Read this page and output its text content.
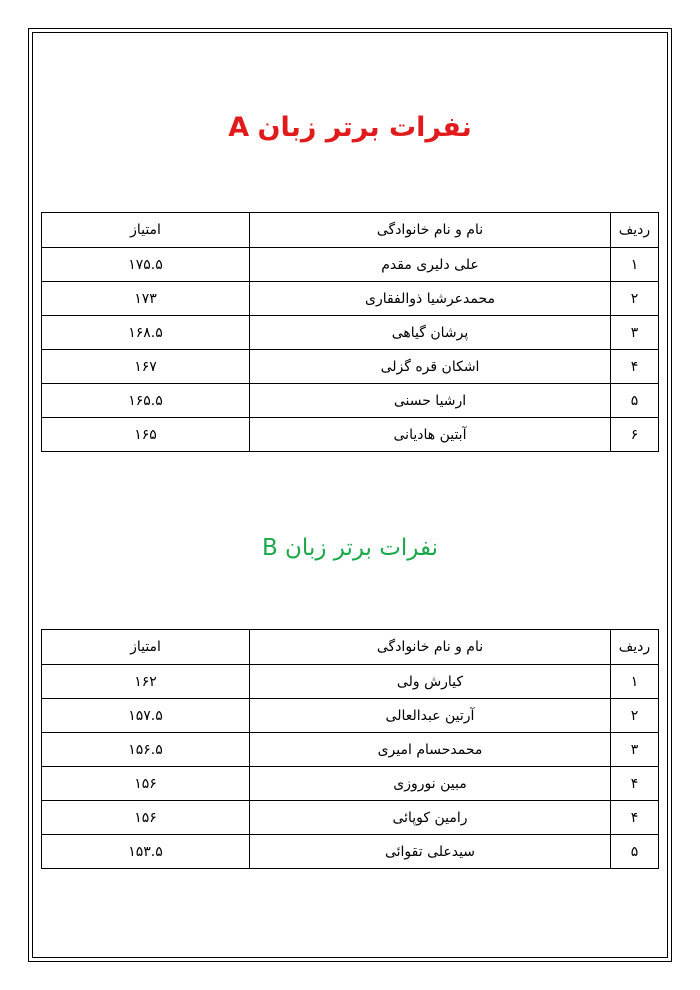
نفرات برتر زبان A
ردیف	نام و نام خانوادگی	امتیاز
۱	علی دلیری مقدم	۱۷۵.۵
۲	محمدعرشیا ذوالفقاری	۱۷۳
۳	پرشان گیاهی	۱۶۸.۵
۴	اشکان قره گزلی	۱۶۷
۵	ارشیا حسنی	۱۶۵.۵
۶	آبتین هادیانی	۱۶۵
نفرات برتر زبان B
ردیف	نام و نام خانوادگی	امتیاز
۱	کیارش ولی	۱۶۲
۲	آرتین عبدالعالی	۱۵۷.۵
۳	محمدحسام امیری	۱۵۶.۵
۴	مبین نوروزی	۱۵۶
۴	رامین کوپائی	۱۵۶
۵	سیدعلی تقوائی	۱۵۳.۵
